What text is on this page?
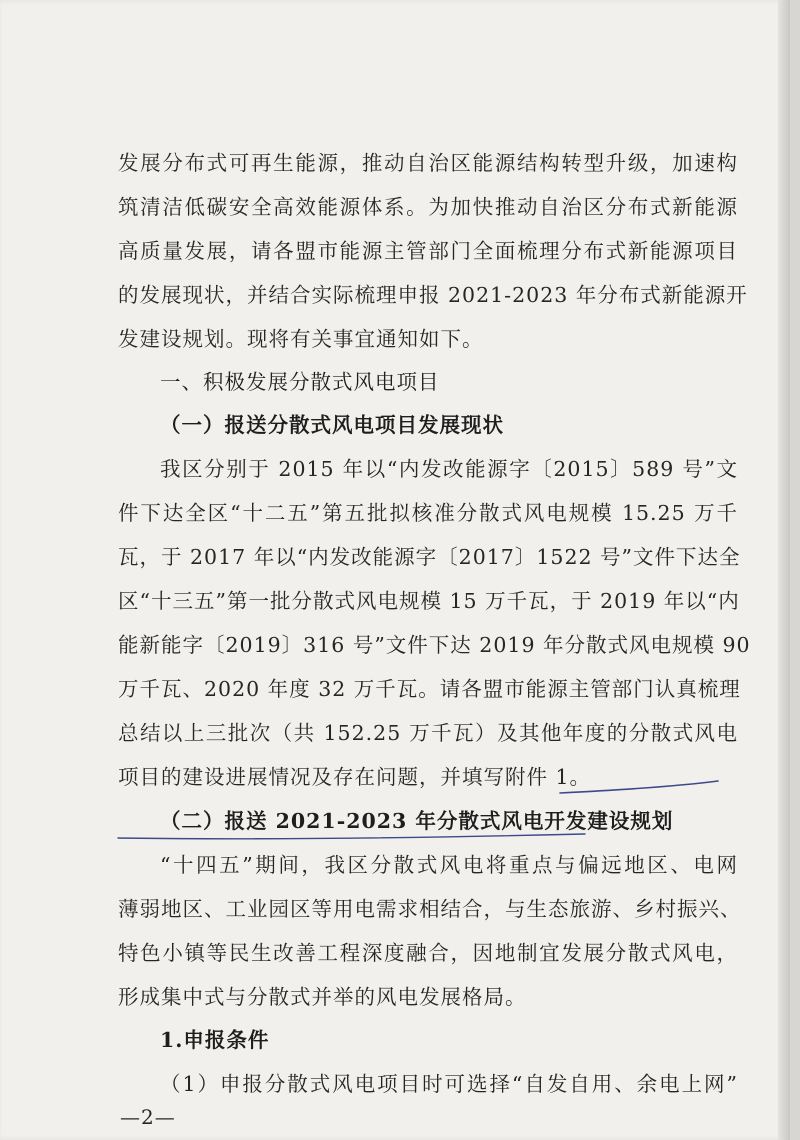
发展分布式可再生能源，推动自治区能源结构转型升级，加速构

筑清洁低碳安全高效能源体系。为加快推动自治区分布式新能源

高质量发展，请各盟市能源主管部门全面梳理分布式新能源项目

的发展现状，并结合实际梳理申报 2021-2023 年分布式新能源开

发建设规划。现将有关事宜通知如下。

一、积极发展分散式风电项目

（一）报送分散式风电项目发展现状

我区分别于 2015 年以“内发改能源字〔2015〕589 号”文

件下达全区“十二五”第五批拟核准分散式风电规模 15.25 万千

瓦，于 2017 年以“内发改能源字〔2017〕1522 号”文件下达全

区“十三五”第一批分散式风电规模 15 万千瓦，于 2019 年以“内

能新能字〔2019〕316 号”文件下达 2019 年分散式风电规模 90

万千瓦、2020 年度 32 万千瓦。请各盟市能源主管部门认真梳理

总结以上三批次（共 152.25 万千瓦）及其他年度的分散式风电

项目的建设进展情况及存在问题，并填写附件 1。

（二）报送 2021-2023 年分散式风电开发建设规划

“十四五”期间，我区分散式风电将重点与偏远地区、电网

薄弱地区、工业园区等用电需求相结合，与生态旅游、乡村振兴、

特色小镇等民生改善工程深度融合，因地制宜发展分散式风电，

形成集中式与分散式并举的风电发展格局。

1.申报条件

（1）申报分散式风电项目时可选择“自发自用、余电上网”

—2—
